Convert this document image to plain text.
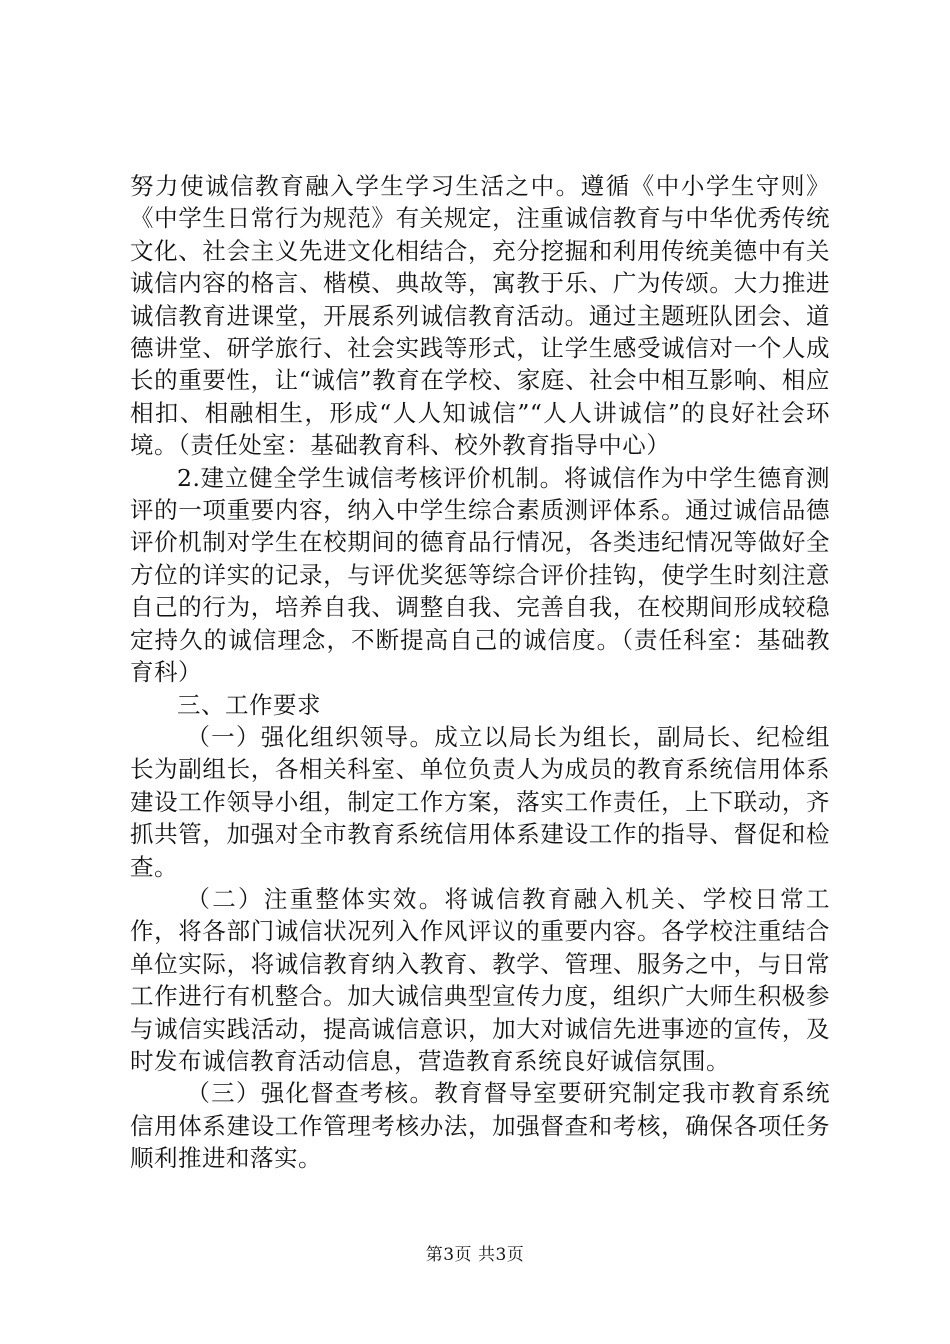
努力使诚信教育融入学生学习生活之中。遵循《中小学生守则》《中学生日常行为规范》有关规定，注重诚信教育与中华优秀传统文化、社会主义先进文化相结合，充分挖掘和利用传统美德中有关诚信内容的格言、楷模、典故等，寓教于乐、广为传颂。大力推进诚信教育进课堂，开展系列诚信教育活动。通过主题班队团会、道德讲堂、研学旅行、社会实践等形式，让学生感受诚信对一个人成长的重要性，让“诚信”教育在学校、家庭、社会中相互影响、相应相扣、相融相生，形成“人人知诚信”“人人讲诚信”的良好社会环境。（责任处室：基础教育科、校外教育指导中心）

2.建立健全学生诚信考核评价机制。将诚信作为中学生德育测评的一项重要内容，纳入中学生综合素质测评体系。通过诚信品德评价机制对学生在校期间的德育品行情况，各类违纪情况等做好全方位的详实的记录，与评优奖惩等综合评价挂钩，使学生时刻注意自己的行为，培养自我、调整自我、完善自我，在校期间形成较稳定持久的诚信理念，不断提高自己的诚信度。（责任科室：基础教育科）

三、工作要求

（一）强化组织领导。成立以局长为组长，副局长、纪检组长为副组长，各相关科室、单位负责人为成员的教育系统信用体系建设工作领导小组，制定工作方案，落实工作责任，上下联动，齐抓共管，加强对全市教育系统信用体系建设工作的指导、督促和检查。

（二）注重整体实效。将诚信教育融入机关、学校日常工作，将各部门诚信状况列入作风评议的重要内容。各学校注重结合单位实际，将诚信教育纳入教育、教学、管理、服务之中，与日常工作进行有机整合。加大诚信典型宣传力度，组织广大师生积极参与诚信实践活动，提高诚信意识，加大对诚信先进事迹的宣传，及时发布诚信教育活动信息，营造教育系统良好诚信氛围。

（三）强化督查考核。教育督导室要研究制定我市教育系统信用体系建设工作管理考核办法，加强督查和考核，确保各项任务顺利推进和落实。

第3页 共3页
